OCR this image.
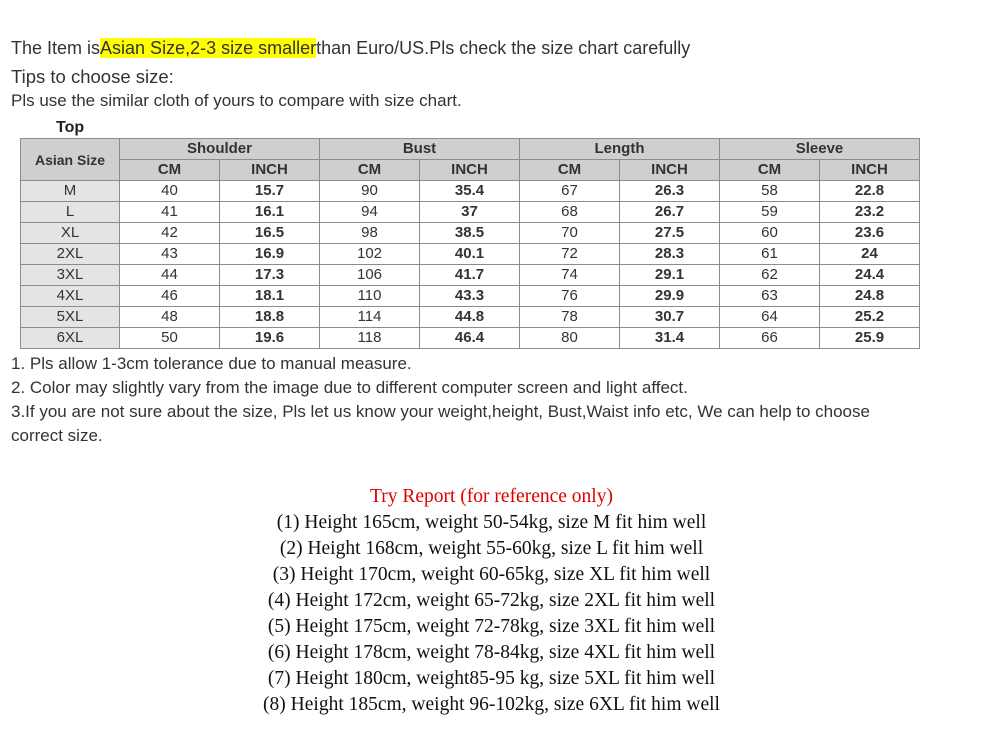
The Item isAsian Size,2-3 size smallerthan Euro/US.Pls check the size chart carefully
Tips to choose size:
Pls use the similar cloth of yours to compare with size chart.
Top
Asian Size	Shoulder		Bust		Length		Sleeve	
	CM	INCH	CM	INCH	CM	INCH	CM	INCH
M	40	15.7	90	35.4	67	26.3	58	22.8
L	41	16.1	94	37	68	26.7	59	23.2
XL	42	16.5	98	38.5	70	27.5	60	23.6
2XL	43	16.9	102	40.1	72	28.3	61	24
3XL	44	17.3	106	41.7	74	29.1	62	24.4
4XL	46	18.1	110	43.3	76	29.9	63	24.8
5XL	48	18.8	114	44.8	78	30.7	64	25.2
6XL	50	19.6	118	46.4	80	31.4	66	25.9
1. Pls allow 1-3cm tolerance due to manual measure.
2. Color may slightly vary from the image due to different computer screen and light affect.
3.If you are not sure about the size, Pls let us know your weight,height, Bust,Waist info etc, We can help to choose
correct size.
Try Report (for reference only)
(1) Height 165cm, weight 50-54kg, size M fit him well
(2) Height 168cm, weight 55-60kg, size L fit him well
(3) Height 170cm, weight 60-65kg, size XL fit him well
(4) Height 172cm, weight 65-72kg, size 2XL fit him well
(5) Height 175cm, weight 72-78kg, size 3XL fit him well
(6) Height 178cm, weight 78-84kg, size 4XL fit him well
(7) Height 180cm, weight85-95 kg, size 5XL fit him well
(8) Height 185cm, weight 96-102kg, size 6XL fit him well
